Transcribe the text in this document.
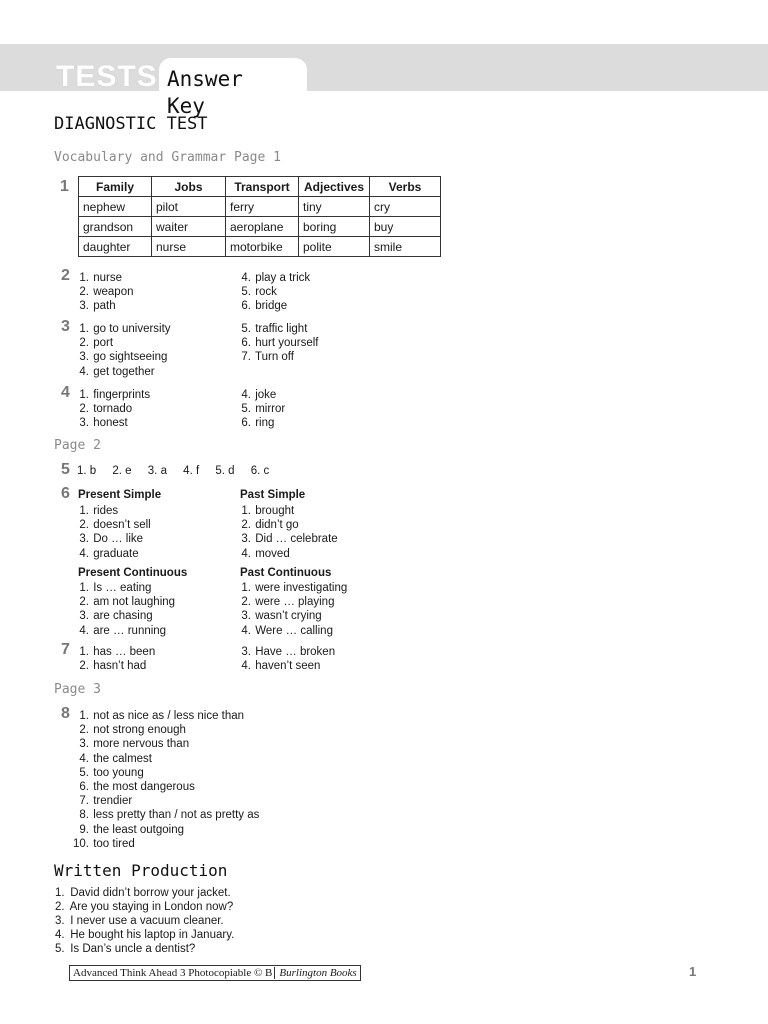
TESTS Answer Key
DIAGNOSTIC TEST
Vocabulary and Grammar Page 1
1 Family	Jobs	Transport	Adjectives	Verbs
nephew	pilot	ferry	tiny	cry
grandson	waiter	aeroplane	boring	buy
daughter	nurse	motorbike	polite	smile
2 1. nurse
2. weapon
3. path
4. play a trick
5. rock
6. bridge
3 1. go to university
2. port
3. go sightseeing
4. get together
5. traffic light
6. hurt yourself
7. Turn off
4 1. fingerprints
2. tornado
3. honest
4. joke
5. mirror
6. ring
Page 2
5 1. b 2. e 3. a 4. f 5. d 6. c
6 Present Simple	Past Simple
1. rides
2. doesn’t sell
3. Do … like
4. graduate
1. brought
2. didn’t go
3. Did … celebrate
4. moved
Present Continuous	Past Continuous
1. Is … eating
2. am not laughing
3. are chasing
4. are … running
1. were investigating
2. were … playing
3. wasn’t crying
4. Were … calling
7 1. has … been
2. hasn’t had
3. Have … broken
4. haven’t seen
Page 3
8 1. not as nice as / less nice than
2. not strong enough
3. more nervous than
4. the calmest
5. too young
6. the most dangerous
7. trendier
8. less pretty than / not as pretty as
9. the least outgoing
10. too tired
Written Production
1. David didn’t borrow your jacket.
2. Are you staying in London now?
3. I never use a vacuum cleaner.
4. He bought his laptop in January.
5. Is Dan’s uncle a dentist?
Advanced Think Ahead 3 Photocopiable © B Burlington Books	1
